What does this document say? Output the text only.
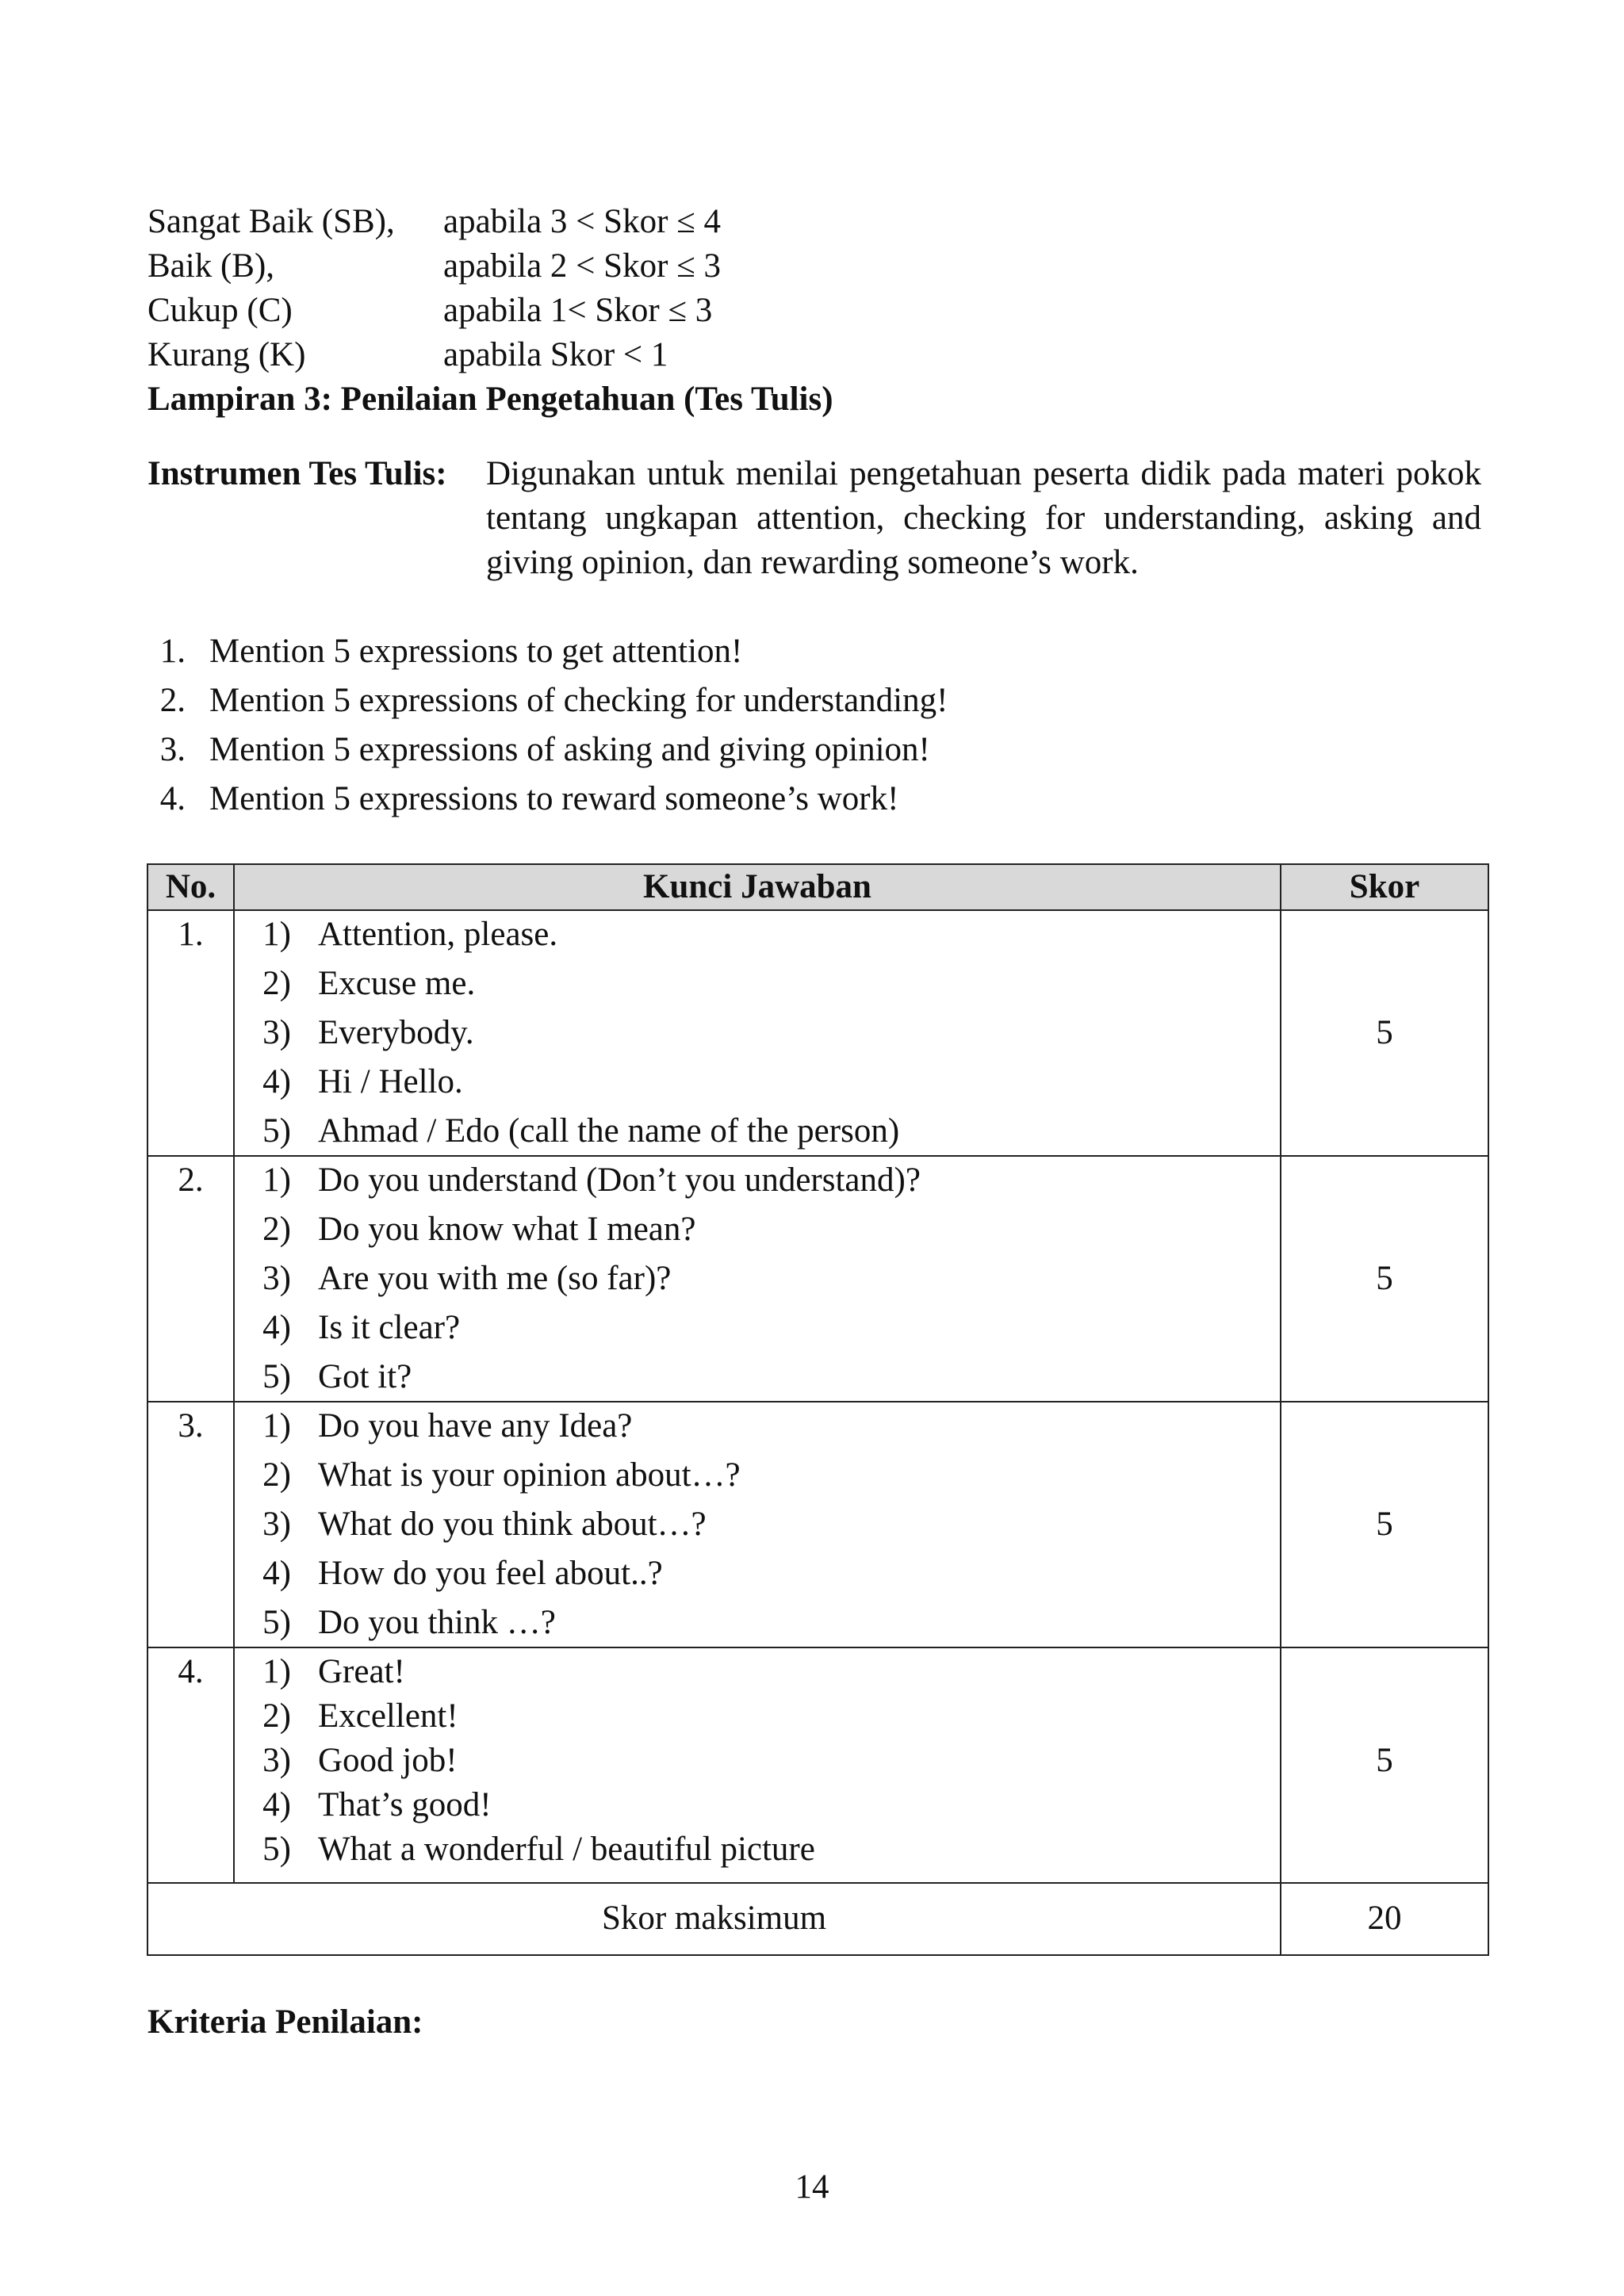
Sangat Baik (SB), apabila 3 < Skor ≤ 4
Baik (B),	apabila 2 < Skor ≤ 3
Cukup (C)	apabila 1< Skor ≤ 3
Kurang (K)	apabila Skor < 1
Lampiran 3: Penilaian Pengetahuan (Tes Tulis)
Instrumen Tes Tulis: Digunakan untuk menilai pengetahuan peserta didik pada materi pokok tentang ungkapan attention, checking for understanding, asking and giving opinion, dan rewarding someone’s work.
1. Mention 5 expressions to get attention!
2. Mention 5 expressions of checking for understanding!
3. Mention 5 expressions of asking and giving opinion!
4. Mention 5 expressions to reward someone’s work!
No.	Kunci Jawaban	Skor
1.	1) Attention, please.
2) Excuse me.
3) Everybody.
4) Hi / Hello.
5) Ahmad / Edo (call the name of the person)
5
2.	1) Do you understand (Don’t you understand)?
2) Do you know what I mean?
3) Are you with me (so far)?
4) Is it clear?
5) Got it?
5
3.	1) Do you have any Idea?
2) What is your opinion about…?
3) What do you think about…?
4) How do you feel about..?
5) Do you think …?
5
4.	1) Great!
2) Excellent!
3) Good job!
4) That’s good!
5) What a wonderful / beautiful picture
5
Skor maksimum	20
Kriteria Penilaian:
14
